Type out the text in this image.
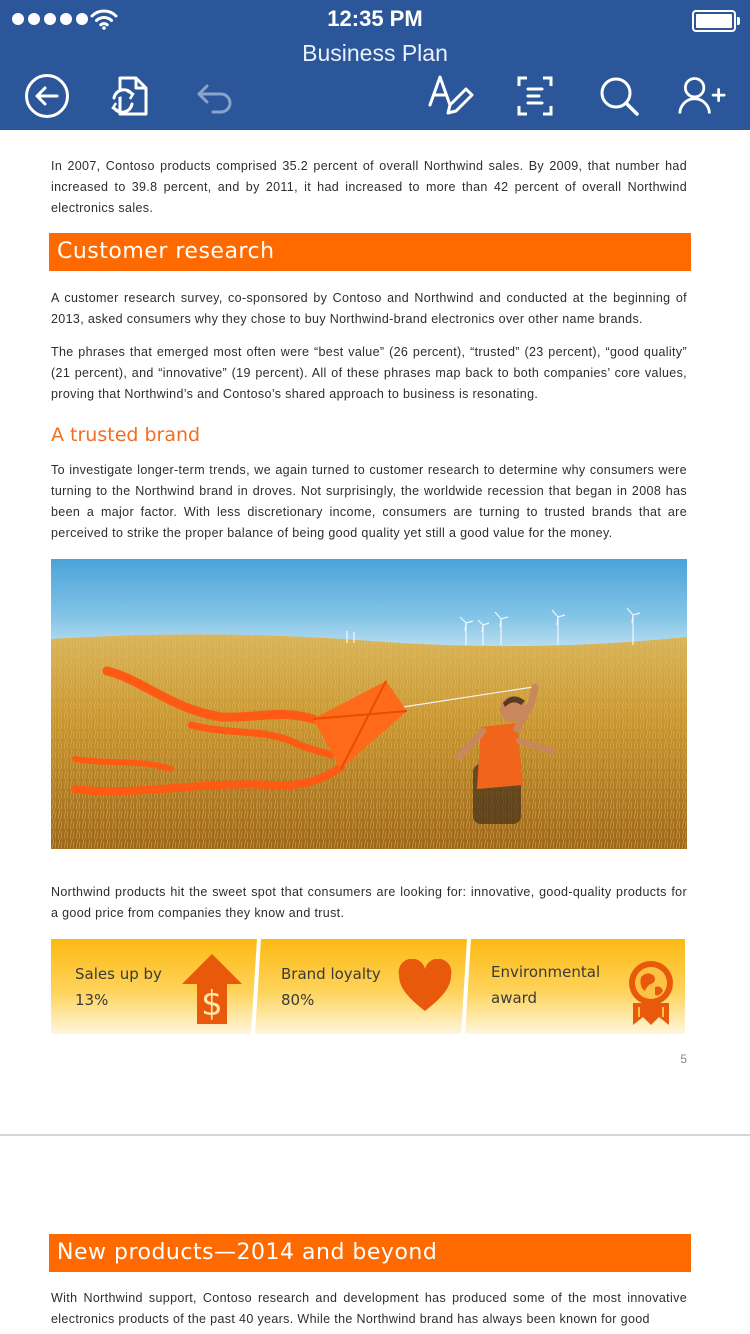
12:35 PM
Business Plan

In 2007, Contoso products comprised 35.2 percent of overall Northwind sales. By 2009, that number had increased to 39.8 percent, and by 2011, it had increased to more than 42 percent of overall Northwind electronics sales.

Customer research

A customer research survey, co-sponsored by Contoso and Northwind and conducted at the beginning of 2013, asked consumers why they chose to buy Northwind-brand electronics over other name brands.

The phrases that emerged most often were “best value” (26 percent), “trusted” (23 percent), “good quality” (21 percent), and “innovative” (19 percent). All of these phrases map back to both companies’ core values, proving that Northwind’s and Contoso’s shared approach to business is resonating.

A trusted brand

To investigate longer-term trends, we again turned to customer research to determine why consumers were turning to the Northwind brand in droves. Not surprisingly, the worldwide recession that began in 2008 has been a major factor. With less discretionary income, consumers are turning to trusted brands that are perceived to strike the proper balance of being good quality yet still a good value for the money.

Northwind products hit the sweet spot that consumers are looking for: innovative, good-quality products for a good price from companies they know and trust.

Sales up by
13%	$
Brand loyalty
80%
Environmental
award
5
New products—2014 and beyond

With Northwind support, Contoso research and development has produced some of the most innovative electronics products of the past 40 years. While the Northwind brand has always been known for good
